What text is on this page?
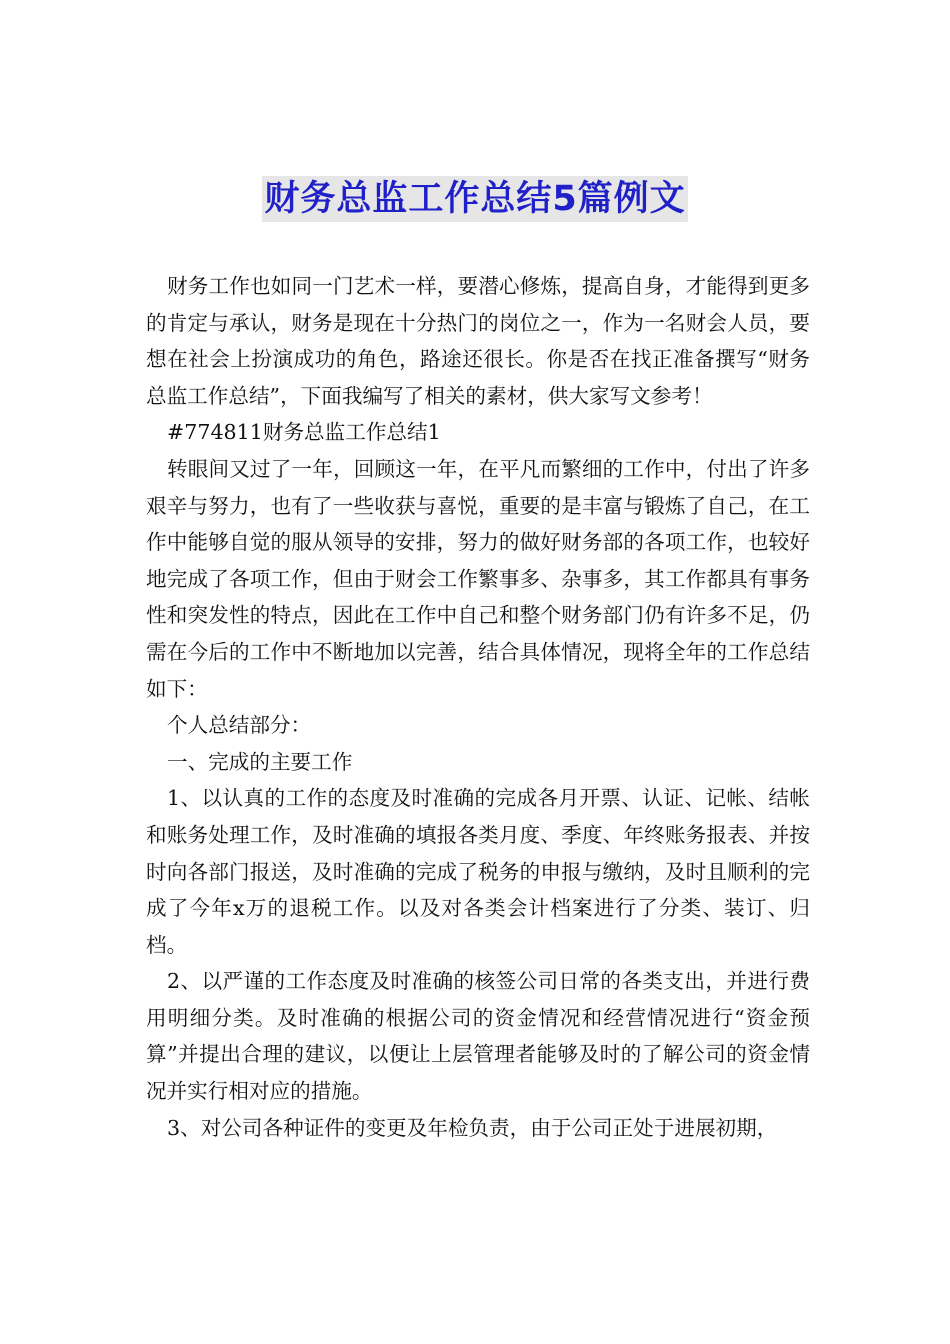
财务总监工作总结5篇例文

财务工作也如同一门艺术一样，要潜心修炼，提高自身，才能得到更多的肯定与承认，财务是现在十分热门的岗位之一，作为一名财会人员，要想在社会上扮演成功的角色，路途还很长。你是否在找正准备撰写“财务总监工作总结”，下面我编写了相关的素材，供大家写文参考！

#774811财务总监工作总结1

转眼间又过了一年，回顾这一年，在平凡而繁细的工作中，付出了许多艰辛与努力，也有了一些收获与喜悦，重要的是丰富与锻炼了自己，在工作中能够自觉的服从领导的安排，努力的做好财务部的各项工作，也较好地完成了各项工作，但由于财会工作繁事多、杂事多，其工作都具有事务性和突发性的特点，因此在工作中自己和整个财务部门仍有许多不足，仍需在今后的工作中不断地加以完善，结合具体情况，现将全年的工作总结如下：

个人总结部分：

一、完成的主要工作

1、以认真的工作的态度及时准确的完成各月开票、认证、记帐、结帐和账务处理工作，及时准确的填报各类月度、季度、年终账务报表、并按时向各部门报送，及时准确的完成了税务的申报与缴纳，及时且顺利的完成了今年x万的退税工作。以及对各类会计档案进行了分类、装订、归档。

2、以严谨的工作态度及时准确的核签公司日常的各类支出，并进行费用明细分类。及时准确的根据公司的资金情况和经营情况进行“资金预算”并提出合理的建议，以便让上层管理者能够及时的了解公司的资金情况并实行相对应的措施。

3、对公司各种证件的变更及年检负责，由于公司正处于进展初期，
